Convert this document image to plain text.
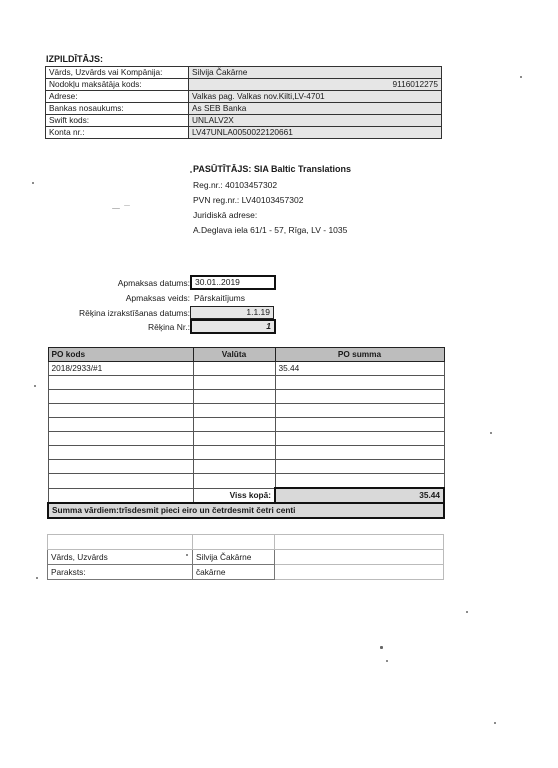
IZPILDĪTĀJS:
Vārds, Uzvārds vai Kompānija:	Silvija Čakārne
Nodokļu maksātāja kods:	9116012275
Adrese:	Valkas pag. Valkas nov.Kilti,LV-4701
Bankas nosaukums:	As SEB Banka
Swift kods:	UNLALV2X
Konta nr.:	LV47UNLA0050022120661
PASŪTĪTĀJS: SIA Baltic Translations
Reg.nr.: 40103457302
PVN reg.nr.: LV40103457302
Juridiskā adrese:
A.Deglava iela 61/1 - 57, Rīga, LV - 1035
Apmaksas datums: 30.01..2019
Apmaksas veids: Pārskaitījums
Rēķina izrakstīšanas datums:	1.1.19
Rēķina Nr.:	1
PO kods	Valūta	PO summa
2018/2933/#1		35.44

	Viss kopā:	35.44
Summa vārdiem:trīsdesmit pieci eiro un četrdesmit četri centi		

Vārds, Uzvārds	Silvija Čakārne	
Paraksts:	čakārne	
